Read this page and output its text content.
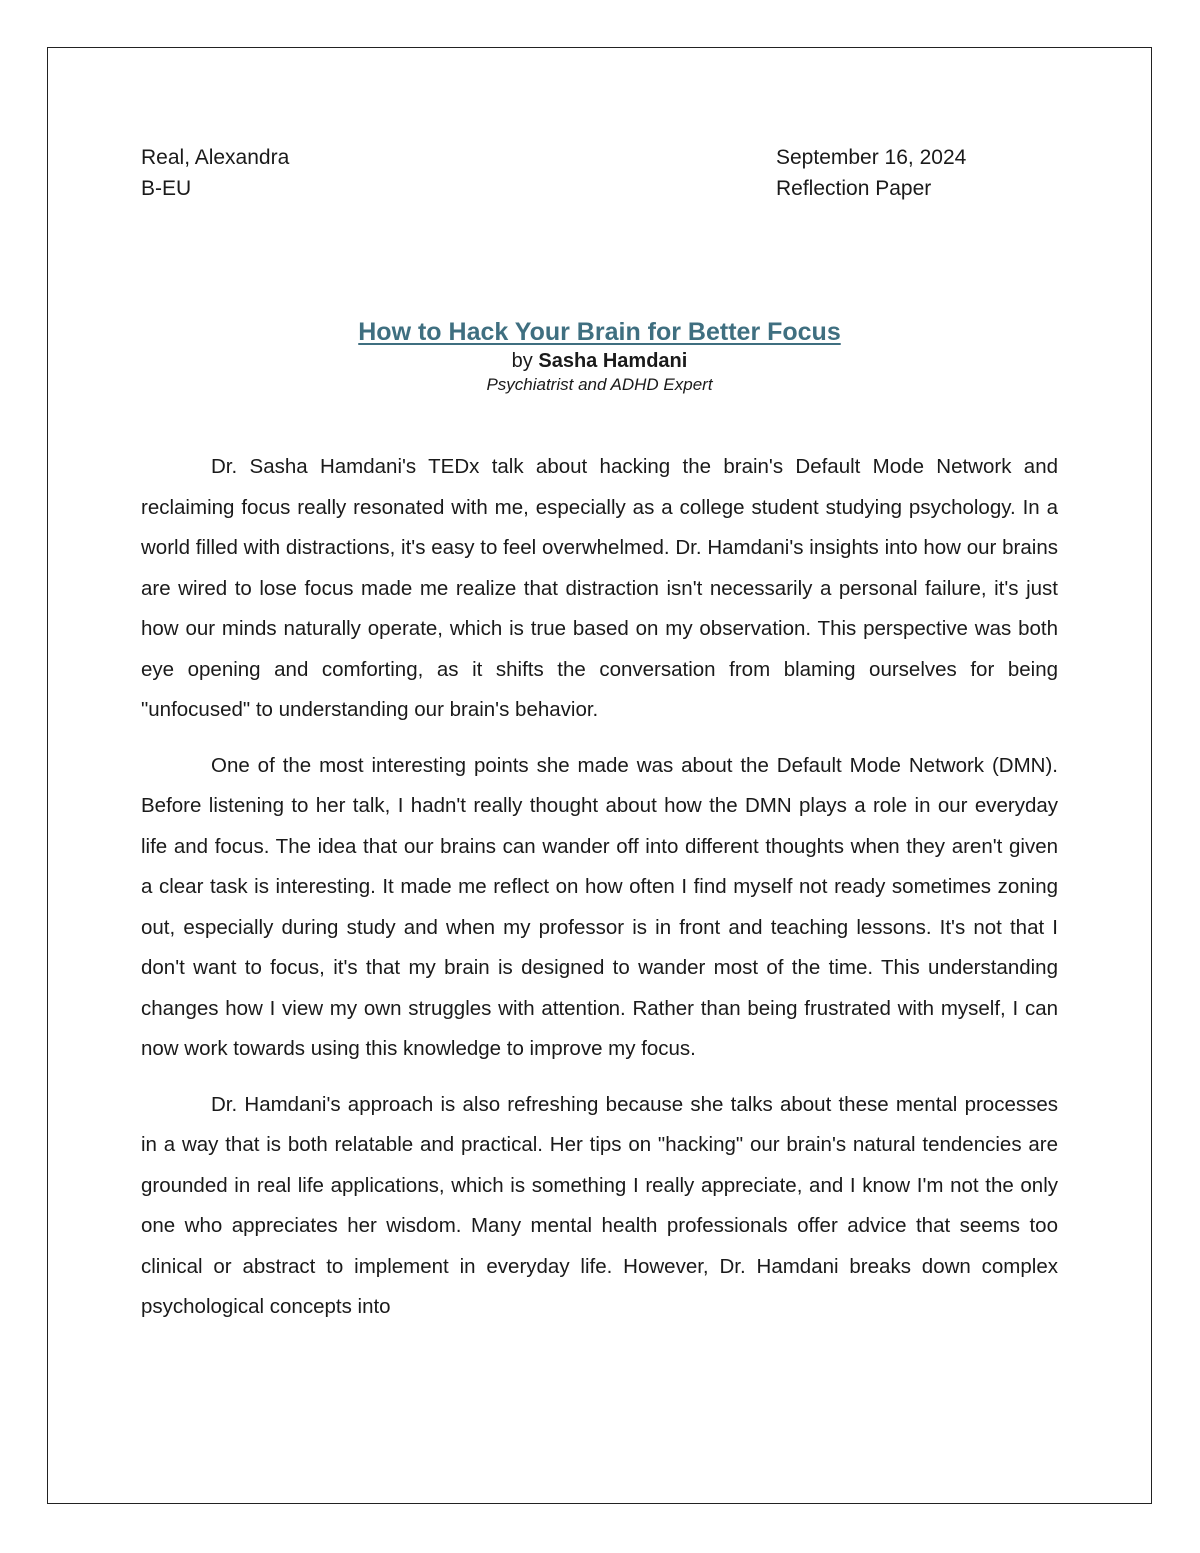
Real, Alexandra
B-EU
September 16, 2024
Reflection Paper
How to Hack Your Brain for Better Focus
by Sasha Hamdani
Psychiatrist and ADHD Expert

Dr. Sasha Hamdani's TEDx talk about hacking the brain's Default Mode Network and reclaiming focus really resonated with me, especially as a college student studying psychology. In a world filled with distractions, it's easy to feel overwhelmed. Dr. Hamdani's insights into how our brains are wired to lose focus made me realize that distraction isn't necessarily a personal failure, it's just how our minds naturally operate, which is true based on my observation. This perspective was both eye opening and comforting, as it shifts the conversation from blaming ourselves for being "unfocused" to understanding our brain's behavior.

One of the most interesting points she made was about the Default Mode Network (DMN). Before listening to her talk, I hadn't really thought about how the DMN plays a role in our everyday life and focus. The idea that our brains can wander off into different thoughts when they aren't given a clear task is interesting. It made me reflect on how often I find myself not ready sometimes zoning out, especially during study and when my professor is in front and teaching lessons. It's not that I don't want to focus, it's that my brain is designed to wander most of the time. This understanding changes how I view my own struggles with attention. Rather than being frustrated with myself, I can now work towards using this knowledge to improve my focus.

Dr. Hamdani's approach is also refreshing because she talks about these mental processes in a way that is both relatable and practical. Her tips on "hacking" our brain's natural tendencies are grounded in real life applications, which is something I really appreciate, and I know I'm not the only one who appreciates her wisdom. Many mental health professionals offer advice that seems too clinical or abstract to implement in everyday life. However, Dr. Hamdani breaks down complex psychological concepts into
